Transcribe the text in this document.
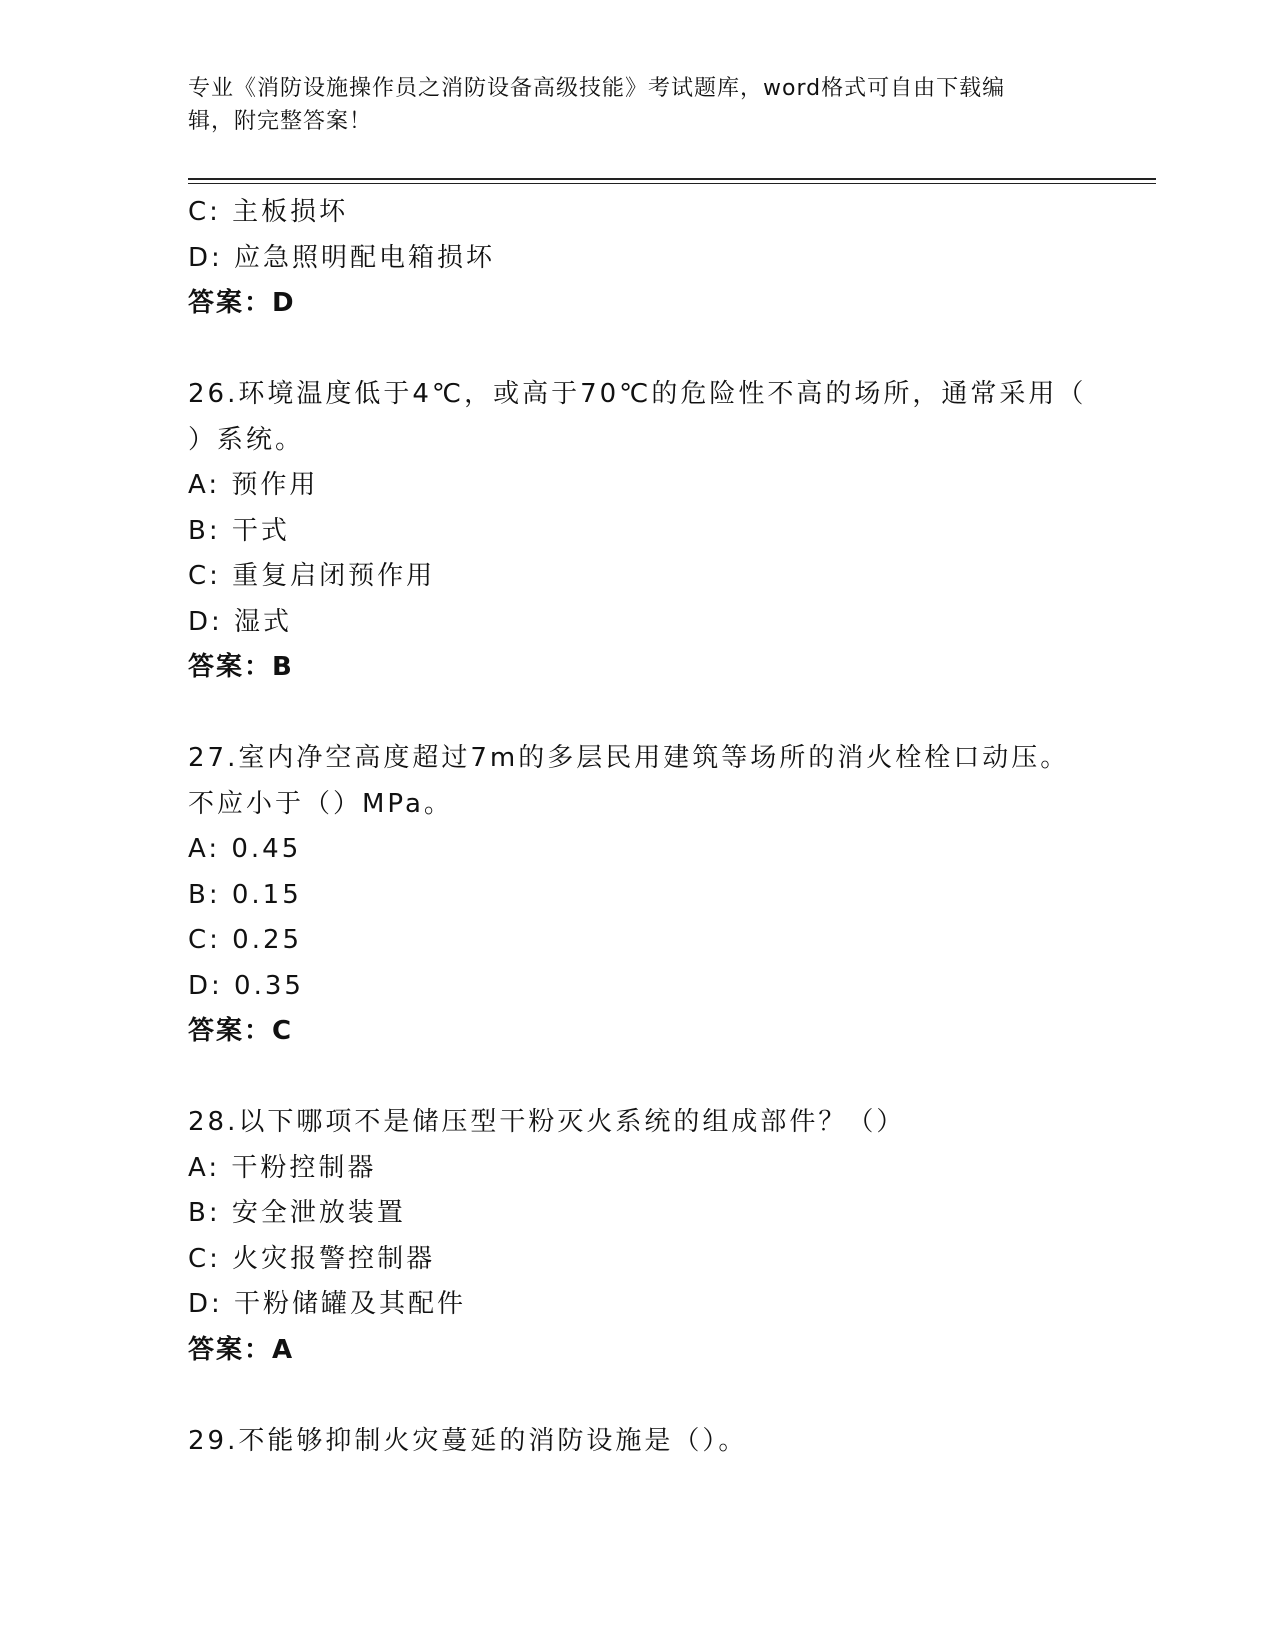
专业《消防设施操作员之消防设备高级技能》考试题库，word格式可自由下载编
辑，附完整答案！
C: 主板损坏
D: 应急照明配电箱损坏
答案：D
26.环境温度低于4℃，或高于70℃的危险性不高的场所，通常采用（
）系统。
A: 预作用
B: 干式
C: 重复启闭预作用
D: 湿式
答案：B
27.室内净空高度超过7m的多层民用建筑等场所的消火栓栓口动压。
不应小于（）MPa。
A: 0.45
B: 0.15
C: 0.25
D: 0.35
答案：C
28.以下哪项不是储压型干粉灭火系统的组成部件？（）
A: 干粉控制器
B: 安全泄放装置
C: 火灾报警控制器
D: 干粉储罐及其配件
答案：A
29.不能够抑制火灾蔓延的消防设施是（）。
